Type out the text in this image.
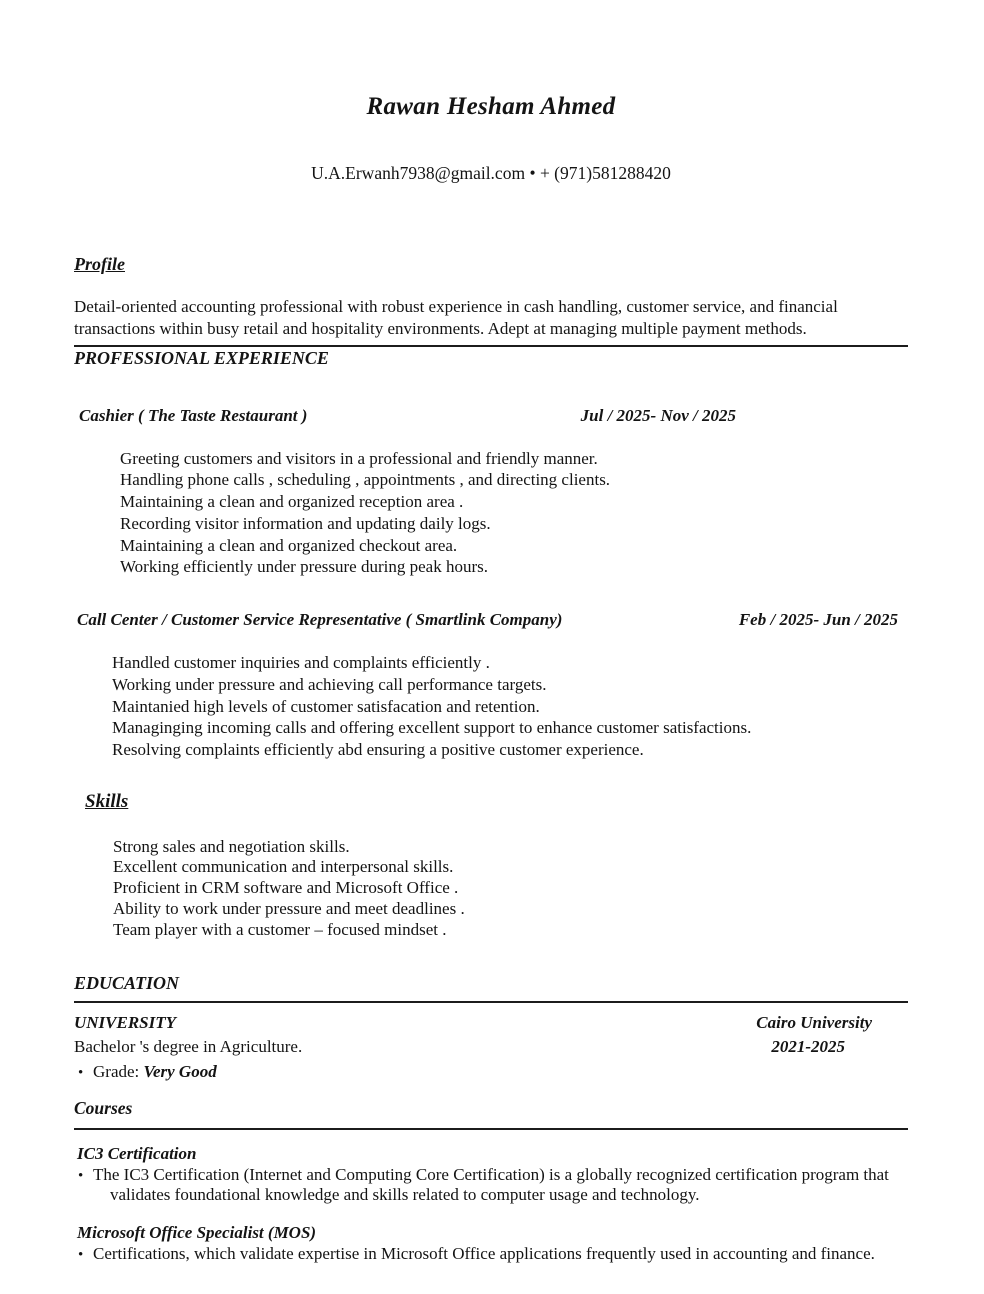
Rawan Hesham Ahmed
U.A.Erwanh7938@gmail.com • + (971)581288420
Profile
Detail-oriented accounting professional with robust experience in cash handling, customer service, and financial transactions within busy retail and hospitality environments. Adept at managing multiple payment methods.
PROFESSIONAL EXPERIENCE
Cashier ( The Taste Restaurant )	Jul / 2025- Nov / 2025
Greeting customers and visitors in a professional and friendly manner.
Handling phone calls , scheduling , appointments , and directing clients.
Maintaining a clean and organized reception area .
Recording visitor information and updating daily logs.
Maintaining a clean and organized checkout area.
Working efficiently under pressure during peak hours.
Call Center / Customer Service Representative ( Smartlink Company)	Feb / 2025- Jun / 2025
Handled customer inquiries and complaints efficiently .
Working under pressure and achieving call performance targets.
Maintanied high levels of customer satisfacation and retention.
Managinging incoming calls and offering excellent support to enhance customer satisfactions.
Resolving complaints efficiently abd ensuring a positive customer experience.
Skills
Strong sales and negotiation skills.
Excellent communication and interpersonal skills.
Proficient in CRM software and Microsoft Office .
Ability to work under pressure and meet deadlines .
Team player with a customer – focused mindset .
EDUCATION
UNIVERSITY	Cairo University
Bachelor 's degree in Agriculture.	2021-2025
• Grade: Very Good
Courses
IC3 Certification
• The IC3 Certification (Internet and Computing Core Certification) is a globally recognized certification program that validates foundational knowledge and skills related to computer usage and technology.
Microsoft Office Specialist (MOS)
• Certifications, which validate expertise in Microsoft Office applications frequently used in accounting and finance.
